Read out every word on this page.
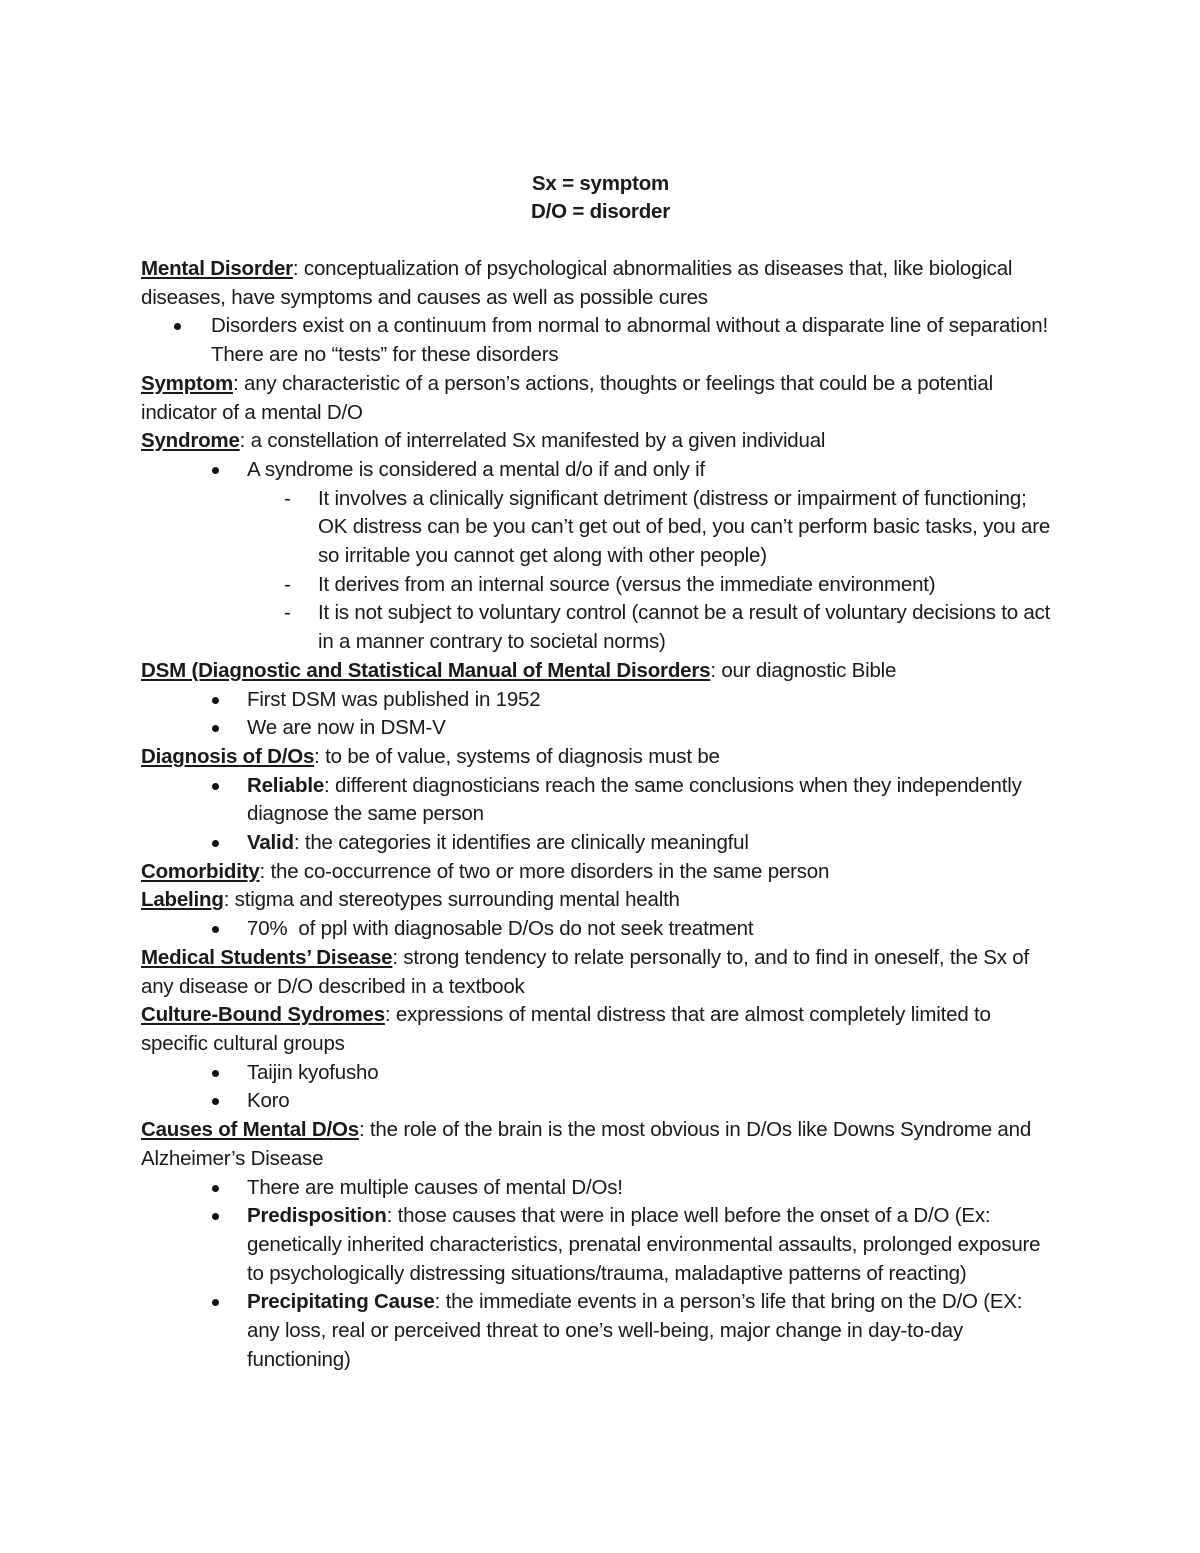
Sx = symptom
D/O = disorder

Mental Disorder: conceptualization of psychological abnormalities as diseases that, like biological diseases, have symptoms and causes as well as possible cures

Disorders exist on a continuum from normal to abnormal without a disparate line of separation! There are no “tests” for these disorders

Symptom: any characteristic of a person’s actions, thoughts or feelings that could be a potential indicator of a mental D/O

Syndrome: a constellation of interrelated Sx manifested by a given individual

A syndrome is considered a mental d/o if and only if
- It involves a clinically significant detriment (distress or impairment of functioning; OK distress can be you can’t get out of bed, you can’t perform basic tasks, you are so irritable you cannot get along with other people)
- It derives from an internal source (versus the immediate environment)
- It is not subject to voluntary control (cannot be a result of voluntary decisions to act in a manner contrary to societal norms)

DSM (Diagnostic and Statistical Manual of Mental Disorders: our diagnostic Bible

First DSM was published in 1952
We are now in DSM-V

Diagnosis of D/Os: to be of value, systems of diagnosis must be

Reliable: different diagnosticians reach the same conclusions when they independently diagnose the same person
Valid: the categories it identifies are clinically meaningful

Comorbidity: the co-occurrence of two or more disorders in the same person

Labeling: stigma and stereotypes surrounding mental health

70%  of ppl with diagnosable D/Os do not seek treatment

Medical Students’ Disease: strong tendency to relate personally to, and to find in oneself, the Sx of any disease or D/O described in a textbook

Culture-Bound Sydromes: expressions of mental distress that are almost completely limited to specific cultural groups

Taijin kyofusho
Koro

Causes of Mental D/Os: the role of the brain is the most obvious in D/Os like Downs Syndrome and Alzheimer’s Disease

There are multiple causes of mental D/Os!
Predisposition: those causes that were in place well before the onset of a D/O (Ex: genetically inherited characteristics, prenatal environmental assaults, prolonged exposure to psychologically distressing situations/trauma, maladaptive patterns of reacting)
Precipitating Cause: the immediate events in a person’s life that bring on the D/O (EX: any loss, real or perceived threat to one’s well-being, major change in day-to-day functioning)
